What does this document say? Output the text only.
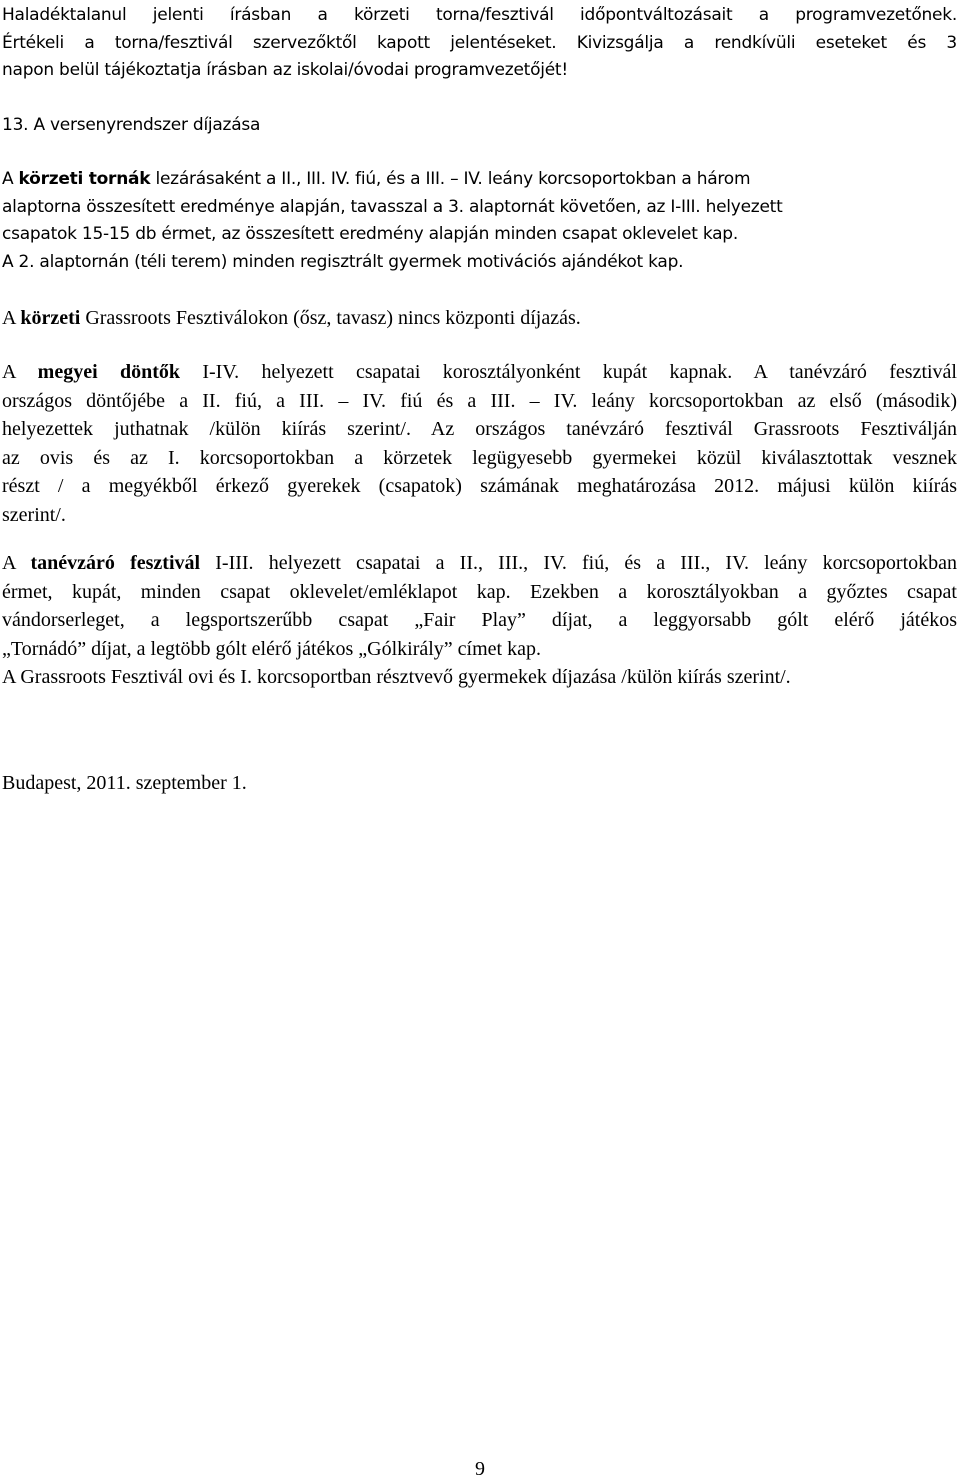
Haladéktalanul jelenti írásban a körzeti torna/fesztivál időpontváltozásait a programvezetőnek.
Értékeli a torna/fesztivál szervezőktől kapott jelentéseket. Kivizsgálja a rendkívüli eseteket és 3
napon belül tájékoztatja írásban az iskolai/óvodai programvezetőjét!
13. A versenyrendszer díjazása
A körzeti tornák lezárásaként a II., III. IV. fiú, és a III. – IV. leány korcsoportokban a három
alaptorna összesített eredménye alapján, tavasszal a 3. alaptornát követően, az I-III. helyezett
csapatok 15-15 db érmet, az összesített eredmény alapján minden csapat oklevelet kap.
A 2. alaptornán (téli terem) minden regisztrált gyermek motivációs ajándékot kap.
A körzeti Grassroots Fesztiválokon (ősz, tavasz) nincs központi díjazás.
A megyei döntők I-IV. helyezett csapatai korosztályonként kupát kapnak. A tanévzáró fesztivál
országos döntőjébe a II. fiú, a III. – IV. fiú és a III. – IV. leány korcsoportokban az első (második)
helyezettek juthatnak /külön kiírás szerint/. Az országos tanévzáró fesztivál Grassroots Fesztiválján
az ovis és az I. korcsoportokban a körzetek legügyesebb gyermekei közül kiválasztottak vesznek
részt / a megyékből érkező gyerekek (csapatok) számának meghatározása 2012. májusi külön kiírás
szerint/.
A tanévzáró fesztivál I-III. helyezett csapatai a II., III., IV. fiú, és a III., IV. leány korcsoportokban
érmet, kupát, minden csapat oklevelet/emléklapot kap. Ezekben a korosztályokban a győztes csapat
vándorserleget, a legsportszerűbb csapat „Fair Play” díjat, a leggyorsabb gólt elérő játékos
„Tornádó” díjat, a legtöbb gólt elérő játékos „Gólkirály” címet kap.
A Grassroots Fesztivál ovi és I. korcsoportban résztvevő gyermekek díjazása /külön kiírás szerint/.
Budapest, 2011. szeptember 1.
9
